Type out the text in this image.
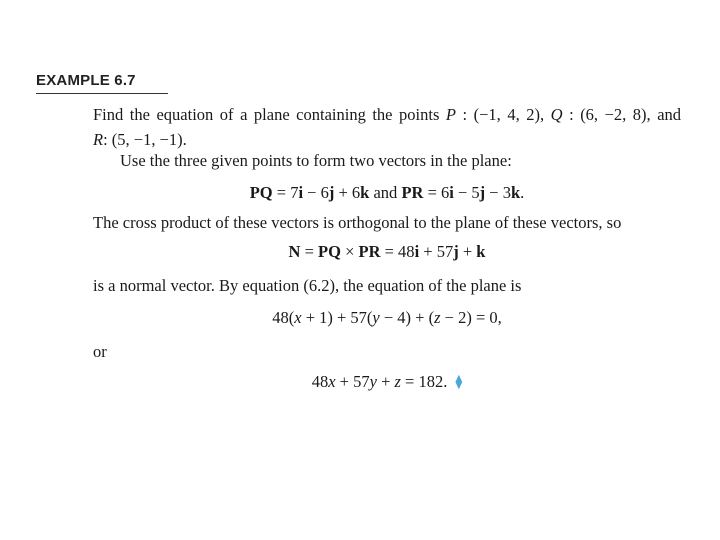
EXAMPLE 6.7
Find the equation of a plane containing the points P : (−1, 4, 2), Q : (6, −2, 8), and
R: (5, −1, −1).
Use the three given points to form two vectors in the plane:
PQ = 7i − 6j + 6k and PR = 6i − 5j − 3k.
The cross product of these vectors is orthogonal to the plane of these vectors, so
N = PQ × PR = 48i + 57j + k
is a normal vector. By equation (6.2), the equation of the plane is
48(x + 1) + 57(y − 4) + (z − 2) = 0,
or
48x + 57y + z = 182. ⧫
